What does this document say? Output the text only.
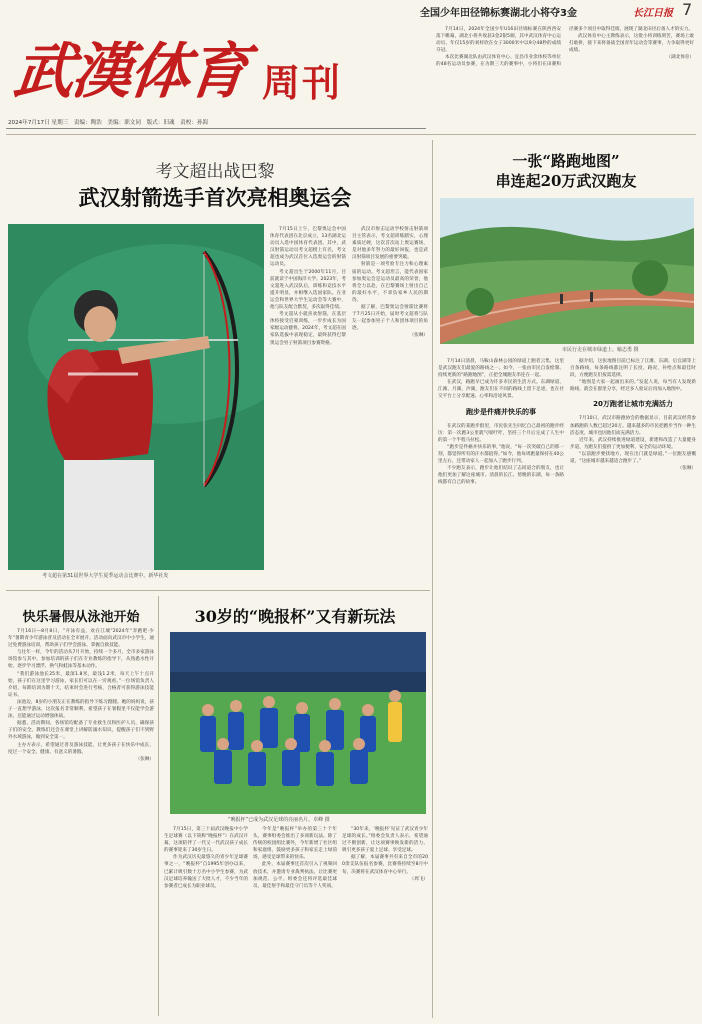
全国少年田径锦标赛湖北小将夺3金	长江日报 7
武漢体育 周刊
2024年7月17日 星期三　责编：陶浩　美编：职文同　版式：旧魂　责校：孙海

7月14日，2024年全国少年U16田径锦标赛在陕西西安落下帷幕，湖北小将共收获3金2银5铜，其中武汉体育中心运动员、年仅15岁的刘梓欣在女子3000米中以9分48秒的成绩夺冠。

本次比赛湖北队由武汉体育中心、宜昌市业余体校等单位的48名运动员参赛，在为期三天的赛事中，小将们在田赛和径赛多个项目中取得佳绩，展现了湖北田径后备人才的实力。

武汉体育中心主教练表示，这批小将训练刻苦，赛场上敢打敢拼，接下来将备战全国青年运动会等赛事，力争取得更好成绩。

（湖北体育）

考文超出战巴黎
武汉射箭选手首次亮相奥运会
考文超在第31届世界大学生夏季运动会比赛中。新华社发

7月15日上午，巴黎奥运会中国体育代表团在北京成立，13名湖北运动员入选中国体育代表团。其中，武汉射箭运动员考文超榜上有名，考文超也成为武汉首位入选奥运会的射箭运动员。

考文超出生于2000年11月，目前就读于中国海洋大学。2023年，考文超进入武汉队后，训练和竞技水平提升明显，并相继入选国家队。在亚运会和世界大学生运动会等大赛中，他与队友配合默契，多次取得佳绩。

考文超从小就喜欢射箭，在基层体校接受启蒙训练，一步步成长为国家级运动健将。2024年，考文超在国家队选拔中表现稳定，最终获得巴黎奥运会男子射箭项目参赛资格。

武汉市射击运动学校射击射箭项目主管表示，考文超训练踏实，心理素质过硬，这次首次站上奥运赛场，是对他多年努力的最好回报，也是武汉射箭项目发展的重要突破。

射箭是一项考验专注力和心理素质的运动。考文超坦言，能代表国家参加奥运会是运动员最高的荣誉，他将全力以赴，在巴黎赛场上射出自己的最好水平，不辜负家乡人民的期待。

据了解，巴黎奥运会射箭比赛将于7月25日开始，届时考文超将与队友一起参加男子个人和团体项目的角逐。

（张琳）

一张“路跑地图”
串连起20万武汉跑友
市民行走在城市绿道上。喻志勇 摄

7月14日清晨，马鞍山森林公园的绿道上跑者云集，这里是武汉跑友们最爱的路线之一。如今，一张由市民自发绘制、持续更新的“路跑地图”，正把全城跑友串连在一起。

在武汉，路跑早已成为许多市民的生活方式。东湖绿道、江滩、月湖、沙湖，跑友们在不同的路线上留下足迹，也在社交平台上分享配速、心率和沿途风景。

跑步是件痛并快乐的事

在武汉的某跑步群里，市民张先生回忆自己最初的跑步经历：第一次跑3公里就气喘吁吁，坚持三个月后完成了人生中的第一个半程马拉松。

“跑步是件痛并快乐的事，”他说，“每一次突破自己的那一刻，都觉得所有的汗水都值得。”如今，他每周跑量保持在40公里左右，还带动家人一起加入了跑步行列。

不少跑友表示，跑步让他们结识了志同道合的朋友，也让他们更加了解这座城市。清晨的长江、傍晚的东湖，每一条路线都有自己的故事。

据介绍，这张地图目前已标注了江滩、东湖、后官湖等上百条路线，每条路线都注明了长度、路况、补给点和最佳时段，方便跑友们按需选择。

“地图是大家一起画出来的。”发起人说，每当有人发现新路线，就会在群里分享，经过多人验证后再加入地图中。

20万跑者让城市充满活力

7月10日，武汉市路跑协会的数据显示，目前武汉经常参加路跑的人数已超过20万。越来越多的市民把跑步当作一种生活态度，城市也因他们而充满活力。

近年来，武汉持续推进绿道建设，新建和改造了大量健身步道，为跑友们提供了更加便利、安全的运动环境。

“以前跑步要找地方，现在出门就是绿道。”一位跑友感慨道，“这座城市越来越适合跑步了。”

（张琳）

快乐暑假从泳池开始

7月16日—8月8日，“开泳有益，欢在江城”2024年“奔跑吧·少年”暑期青少年游泳普及活动在全市展开。活动面向武汉市中小学生，通过免费游泳培训，帮助孩子们学会游泳、掌握自救技能。

与往年一样，今年的活动从7月开始，持续一个多月，全市多家游泳场馆参与其中。参加培训的孩子们在专业教练的指导下，从熟悉水性开始，逐步学习漂浮、换气和蛙泳等基本动作。

“我们游泳池长25米，最深1.8米，最浅1.2米，每天上午十点开始，孩子们在这里学习游泳，家长们可以在一旁观看。”一位场馆负责人介绍，每期培训为期十天，结束时会进行考核，合格者可获得游泳技能证书。

泳池边，8岁的小朋友正在教练的指导下练习蹬腿。她的妈妈说，孩子一直想学游泳，这次报名非常顺利，希望孩子在暑假里不仅能学会游泳，还能通过运动增强体质。

据悉，活动期间，各场馆均配备了专业救生员和医护人员，确保孩子们的安全。教练们还会在课堂上讲解防溺水知识，提醒孩子们不到野外水域游泳，做到安全第一。

主办方表示，希望通过普及游泳技能，让更多孩子在快乐中成长，度过一个安全、健康、有意义的暑假。

（张琳）

30岁的“晚报杯”又有新玩法
“晚报杯”已成为武汉足球的亮丽名片。卓峰 摄

7月15日，第三十届武汉晚报中小学生足球赛（以下简称“晚报杯”）在武汉开幕，这项陪伴了一代又一代武汉孩子成长的赛事迎来了30岁生日。

作为武汉历史最悠久的青少年足球赛事之一，“晚报杯”自1995年创办以来，已累计吸引数十万名中小学生参赛，为武汉足球培养输送了大批人才，不少当年的参赛者已成长为职业球员。

今年是“晚报杯”举办的第三十个年头，赛事组委会推出了多项新玩法。除了传统的校园组比赛外，今年新增了社区组和家庭组，鼓励更多孩子和家长走上绿茵场，感受足球带来的快乐。

此外，本届赛事还首次引入了视频回放技术，并邀请专业裁判执法，让比赛更加规范、公平。组委会还将评选最佳球员、最佳射手和最佳守门员等个人奖项。

“30年来，‘晚报杯’见证了武汉青少年足球的成长。”组委会负责人表示，希望通过不断创新，让这项赛事焕发新的活力，吸引更多孩子爱上足球、享受足球。

据了解，本届赛事共有来自全市的200余支队伍报名参赛，比赛将持续至8月中旬，决赛将在武汉体育中心举行。

（周飞）
